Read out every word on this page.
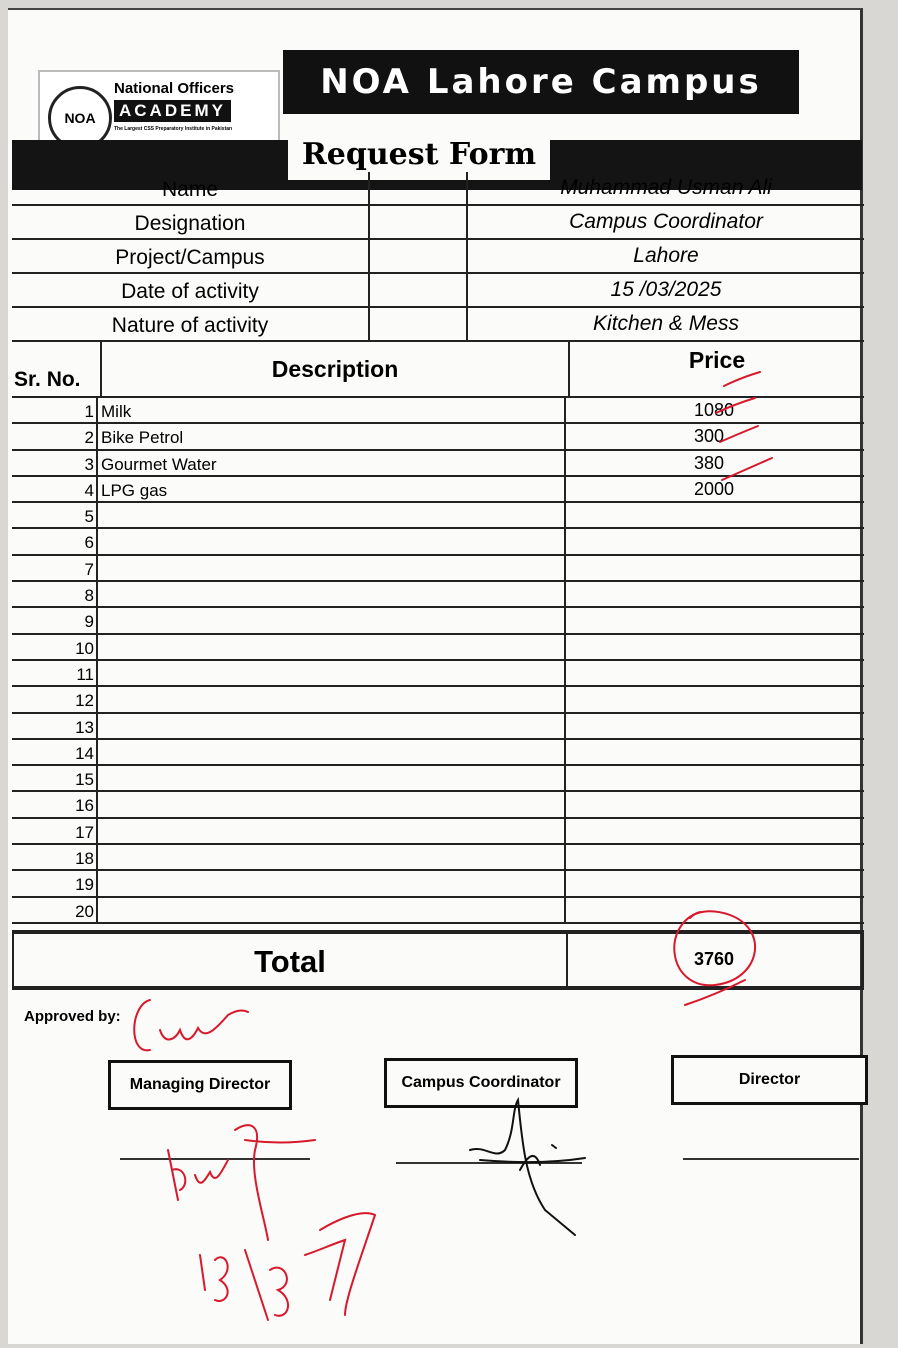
NOA
National Officers
ACADEMY
The Largest CSS Preparatory Institute in Pakistan
NOA Lahore Campus
Request Form
Name	Muhammad Usman Ali
Designation	Campus Coordinator
Project/Campus	Lahore
Date of activity	15 /03/2025
Nature of activity	Kitchen & Mess
Sr. No.	Description	Price
1 Milk	1080
2 Bike Petrol	300
3 Gourmet Water	380
4 LPG gas	2000
5
6
7
8
9
10
11
12
13
14
15
16
17
18
19
20
Total	3760
Approved by:
Managing Director	Campus Coordinator	Director
